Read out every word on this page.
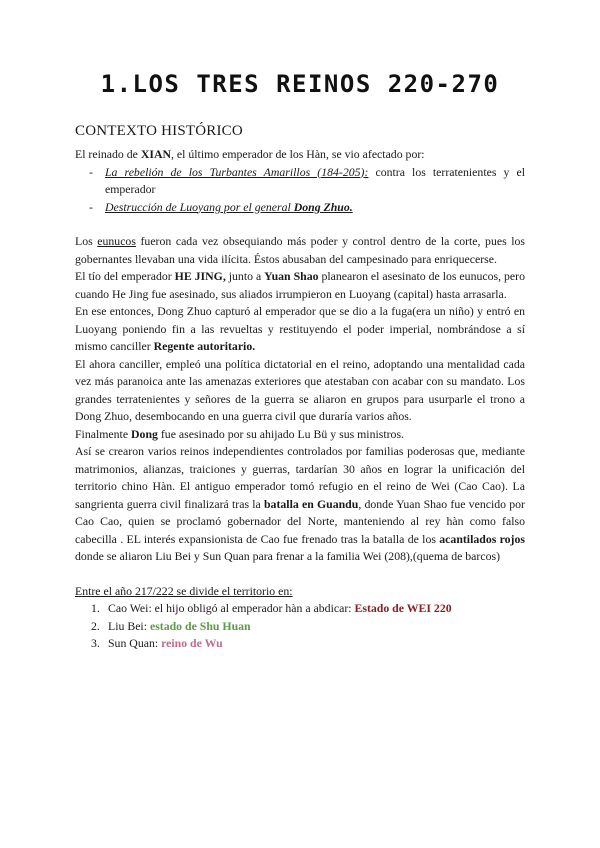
1.LOS TRES REINOS 220-270
CONTEXTO HISTÓRICO

El reinado de XIAN, el último emperador de los Hàn, se vio afectado por:

- La rebelión de los Turbantes Amarillos (184-205): contra los terratenientes y el emperador
- Destrucción de Luoyang por el general Dong Zhuo.

Los eunucos fueron cada vez obsequiando más poder y control dentro de la corte, pues los gobernantes llevaban una vida ilícita. Éstos abusaban del campesinado para enriquecerse.

El tío del emperador HE JING, junto a Yuan Shao planearon el asesinato de los eunucos, pero cuando He Jing fue asesinado, sus aliados irrumpieron en Luoyang (capital) hasta arrasarla.

En ese entonces, Dong Zhuo capturó al emperador que se dio a la fuga(era un niño) y entró en Luoyang poniendo fin a las revueltas y restituyendo el poder imperial, nombrándose a sí mismo canciller Regente autoritario.

El ahora canciller, empleó una política dictatorial en el reino, adoptando una mentalidad cada vez más paranoica ante las amenazas exteriores que atestaban con acabar con su mandato. Los grandes terratenientes y señores de la guerra se aliaron en grupos para usurparle el trono a Dong Zhuo, desembocando en una guerra civil que duraría varios años.

Finalmente Dong fue asesinado por su ahijado Lu Bü y sus ministros.

Así se crearon varios reinos independientes controlados por familias poderosas que, mediante matrimonios, alianzas, traiciones y guerras, tardarían 30 años en lograr la unificación del territorio chino Hàn. El antiguo emperador tomó refugio en el reino de Wei (Cao Cao). La sangrienta guerra civil finalizará tras la batalla en Guandu, donde Yuan Shao fue vencido por Cao Cao, quien se proclamó gobernador del Norte, manteniendo al rey hàn como falso cabecilla . EL interés expansionista de Cao fue frenado tras la batalla de los acantilados rojos donde se aliaron Liu Bei y Sun Quan para frenar a la familia Wei (208),(quema de barcos)

Entre el año 217/222 se divide el territorio en:

1. Cao Wei: el hijo obligó al emperador hàn a abdicar: Estado de WEI 220
2. Liu Bei: estado de Shu Huan
3. Sun Quan: reino de Wu
